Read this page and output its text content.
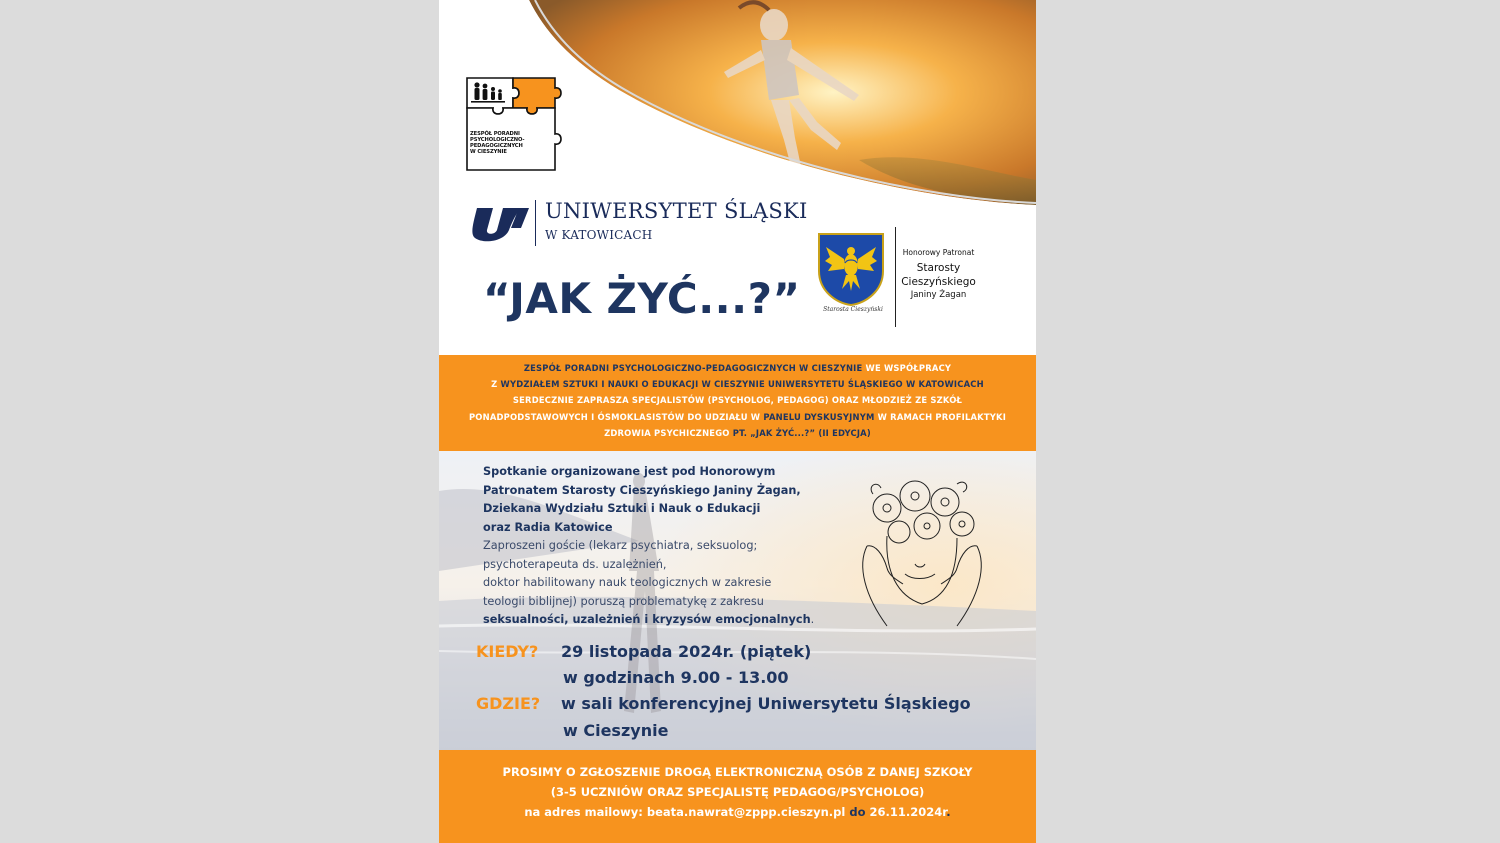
ZESPÓŁ PORADNI
PSYCHOLOGICZNO-PEDAGOGICZNYCH
W CIESZYNIE
UNIWERSYTET ŚLĄSKI
W KATOWICACH
“JAK ŻYĆ...?”	Starosta Cieszyński
Honorowy Patronat
Starosty
Cieszyńskiego
Janiny Żagan

ZESPÓŁ PORADNI PSYCHOLOGICZNO-PEDAGOGICZNYCH W CIESZYNIE WE WSPÓŁPRACY

Z WYDZIAŁEM SZTUKI I NAUKI O EDUKACJI W CIESZYNIE UNIWERSYTETU ŚLĄSKIEGO W KATOWICACH

SERDECZNIE ZAPRASZA SPECJALISTÓW (PSYCHOLOG, PEDAGOG) ORAZ MŁODZIEŻ ZE SZKÓŁ

PONADPODSTAWOWYCH I ÓSMOKLASISTÓW DO UDZIAŁU W PANELU DYSKUSYJNYM W RAMACH PROFILAKTYKI

ZDROWIA PSYCHICZNEGO PT. „JAK ŻYĆ...?” (II EDYCJA)

Spotkanie organizowane jest pod Honorowym
Patronatem Starosty Cieszyńskiego Janiny Żagan,
Dziekana Wydziału Sztuki i Nauk o Edukacji
oraz Radia Katowice
Zaproszeni goście (lekarz psychiatra, seksuolog;
psychoterapeuta ds. uzależnień,
doktor habilitowany nauk teologicznych w zakresie
teologii biblijnej) poruszą problematykę z zakresu
seksualności, uzależnień i kryzysów emocjonalnych.
KIEDY? 29 listopada 2024r. (piątek)
w godzinach 9.00 - 13.00
GDZIE? w sali konferencyjnej Uniwersytetu Śląskiego
w Cieszynie

PROSIMY O ZGŁOSZENIE DROGĄ ELEKTRONICZNĄ OSÓB Z DANEJ SZKOŁY

(3-5 UCZNIÓW ORAZ SPECJALISTĘ PEDAGOG/PSYCHOLOG)

na adres mailowy: beata.nawrat@zppp.cieszyn.pl do 26.11.2024r.
